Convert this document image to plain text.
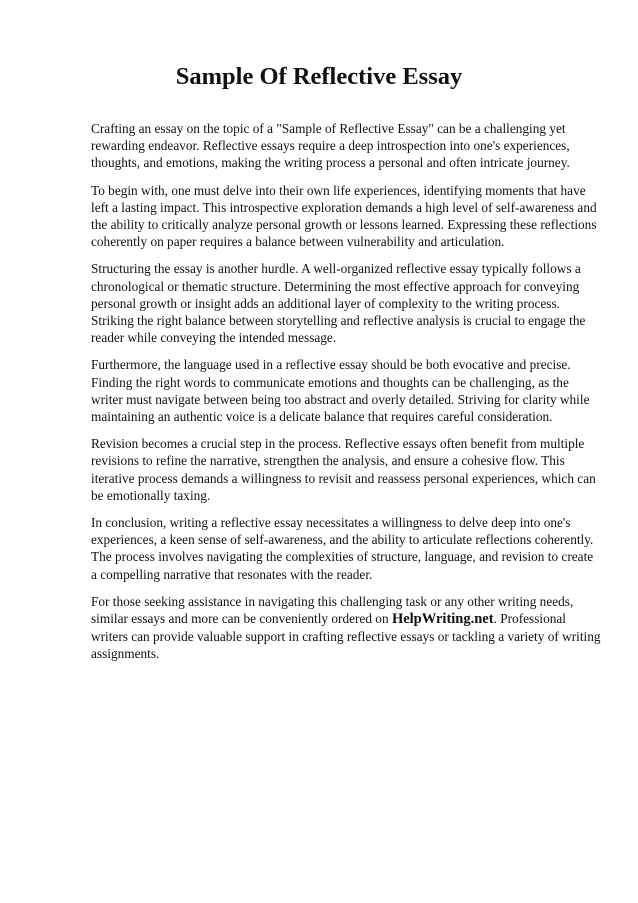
Sample Of Reflective Essay

Crafting an essay on the topic of a "Sample of Reflective Essay" can be a challenging yet rewarding endeavor. Reflective essays require a deep introspection into one's experiences, thoughts, and emotions, making the writing process a personal and often intricate journey.

To begin with, one must delve into their own life experiences, identifying moments that have left a lasting impact. This introspective exploration demands a high level of self-awareness and the ability to critically analyze personal growth or lessons learned. Expressing these reflections coherently on paper requires a balance between vulnerability and articulation.

Structuring the essay is another hurdle. A well-organized reflective essay typically follows a chronological or thematic structure. Determining the most effective approach for conveying personal growth or insight adds an additional layer of complexity to the writing process. Striking the right balance between storytelling and reflective analysis is crucial to engage the reader while conveying the intended message.

Furthermore, the language used in a reflective essay should be both evocative and precise. Finding the right words to communicate emotions and thoughts can be challenging, as the writer must navigate between being too abstract and overly detailed. Striving for clarity while maintaining an authentic voice is a delicate balance that requires careful consideration.

Revision becomes a crucial step in the process. Reflective essays often benefit from multiple revisions to refine the narrative, strengthen the analysis, and ensure a cohesive flow. This iterative process demands a willingness to revisit and reassess personal experiences, which can be emotionally taxing.

In conclusion, writing a reflective essay necessitates a willingness to delve deep into one's experiences, a keen sense of self-awareness, and the ability to articulate reflections coherently. The process involves navigating the complexities of structure, language, and revision to create a compelling narrative that resonates with the reader.

For those seeking assistance in navigating this challenging task or any other writing needs, similar essays and more can be conveniently ordered on HelpWriting.net. Professional writers can provide valuable support in crafting reflective essays or tackling a variety of writing assignments.
